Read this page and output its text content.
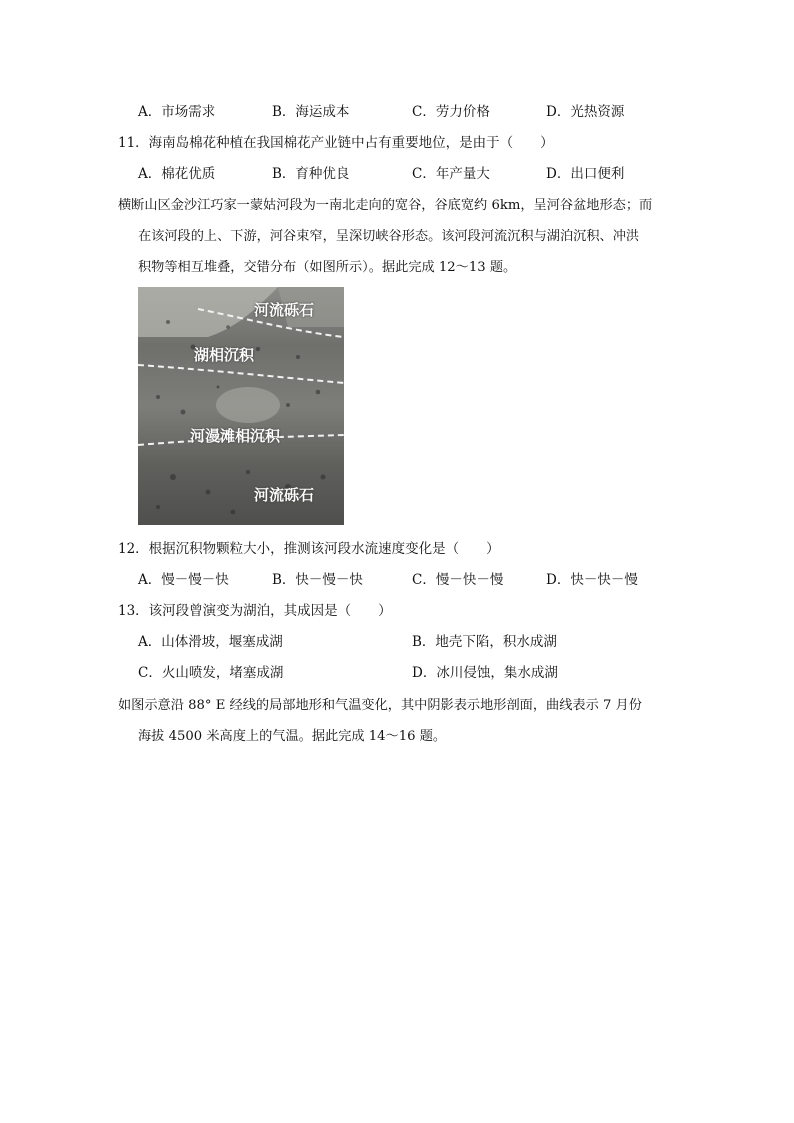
A．市场需求	B．海运成本	C．劳力价格	D．光热资源
11．海南岛棉花种植在我国棉花产业链中占有重要地位，是由于（　　）
A．棉花优质	B．育种优良	C．年产量大	D．出口便利
横断山区金沙江巧家一蒙姑河段为一南北走向的宽谷，谷底宽约 6km，呈河谷盆地形态；而
在该河段的上、下游，河谷束窄，呈深切峡谷形态。该河段河流沉积与湖泊沉积、冲洪
积物等相互堆叠，交错分布（如图所示）。据此完成 12～13 题。
河流砾石
湖相沉积
河漫滩相沉积
河流砾石
12．根据沉积物颗粒大小，推测该河段水流速度变化是（　　）
A．慢－慢－快	B．快－慢－快	C．慢－快－慢	D．快－快－慢
13．该河段曾演变为湖泊，其成因是（　　）
A．山体滑坡，堰塞成湖	B．地壳下陷，积水成湖
C．火山喷发，堵塞成湖	D．冰川侵蚀，集水成湖
如图示意沿 88° E 经线的局部地形和气温变化，其中阴影表示地形剖面，曲线表示 7 月份
海拔 4500 米高度上的气温。据此完成 14～16 题。
